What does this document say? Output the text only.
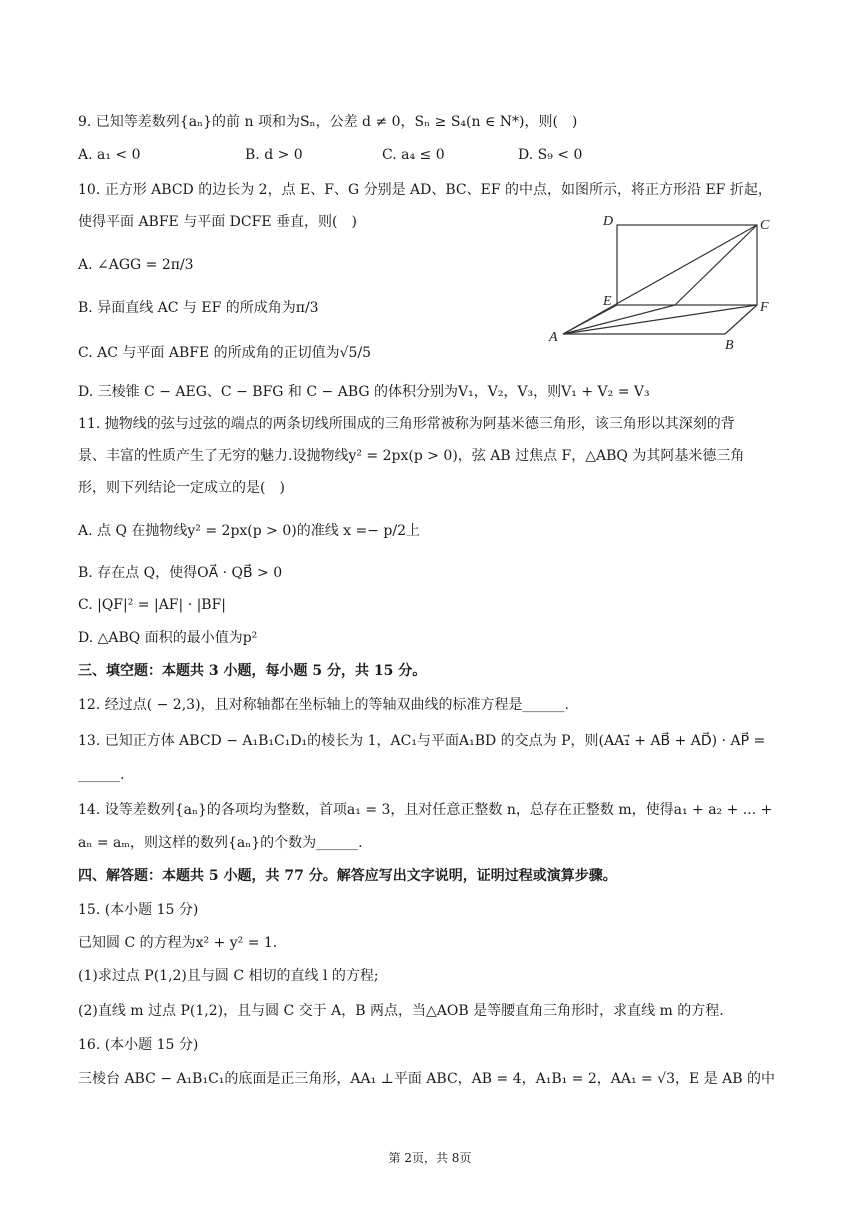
9. 已知等差数列{aₙ}的前 n 项和为Sₙ，公差 d ≠ 0，Sₙ ≥ S₄(n ∈ N*)，则(　)
A. a₁ < 0	B. d > 0	C. a₄ ≤ 0	D. S₉ < 0
10. 正方形 ABCD 的边长为 2，点 E、F、G 分别是 AD、BC、EF 的中点，如图所示，将正方形沿 EF 折起，
使得平面 ABFE 与平面 DCFE 垂直，则(　)
A. ∠AGG = 2π/3
B. 异面直线 AC 与 EF 的所成角为π/3
C. AC 与平面 ABFE 的所成角的正切值为√5/5
D. 三棱锥 C − AEG、C − BFG 和 C − ABG 的体积分别为V₁，V₂，V₃，则V₁ + V₂ = V₃
D	C
E	F
A
B
11. 抛物线的弦与过弦的端点的两条切线所围成的三角形常被称为阿基米德三角形，该三角形以其深刻的背
景、丰富的性质产生了无穷的魅力.设抛物线y² = 2px(p > 0)，弦 AB 过焦点 F，△ABQ 为其阿基米德三角
形，则下列结论一定成立的是(　)
A. 点 Q 在抛物线y² = 2px(p > 0)的准线 x =− p/2上
B. 存在点 Q，使得OA⃗ · QB⃗ > 0
C. |QF|² = |AF| · |BF|
D. △ABQ 面积的最小值为p²
三、填空题：本题共 3 小题，每小题 5 分，共 15 分。
12. 经过点( − 2,3)，且对称轴都在坐标轴上的等轴双曲线的标准方程是______.
13. 已知正方体 ABCD − A₁B₁C₁D₁的棱长为 1，AC₁与平面A₁BD 的交点为 P，则(AA₁⃗ + AB⃗ + AD⃗) · AP⃗ =
______.
14. 设等差数列{aₙ}的各项均为整数，首项a₁ = 3，且对任意正整数 n，总存在正整数 m，使得a₁ + a₂ + ... +
aₙ = aₘ，则这样的数列{aₙ}的个数为______.
四、解答题：本题共 5 小题，共 77 分。解答应写出文字说明，证明过程或演算步骤。
15. (本小题 15 分)
已知圆 C 的方程为x² + y² = 1.
(1)求过点 P(1,2)且与圆 C 相切的直线 l 的方程;
(2)直线 m 过点 P(1,2)，且与圆 C 交于 A，B 两点，当△AOB 是等腰直角三角形时，求直线 m 的方程.
16. (本小题 15 分)
三棱台 ABC − A₁B₁C₁的底面是正三角形，AA₁ ⊥平面 ABC，AB = 4，A₁B₁ = 2，AA₁ = √3，E 是 AB 的中
第 2页，共 8页
